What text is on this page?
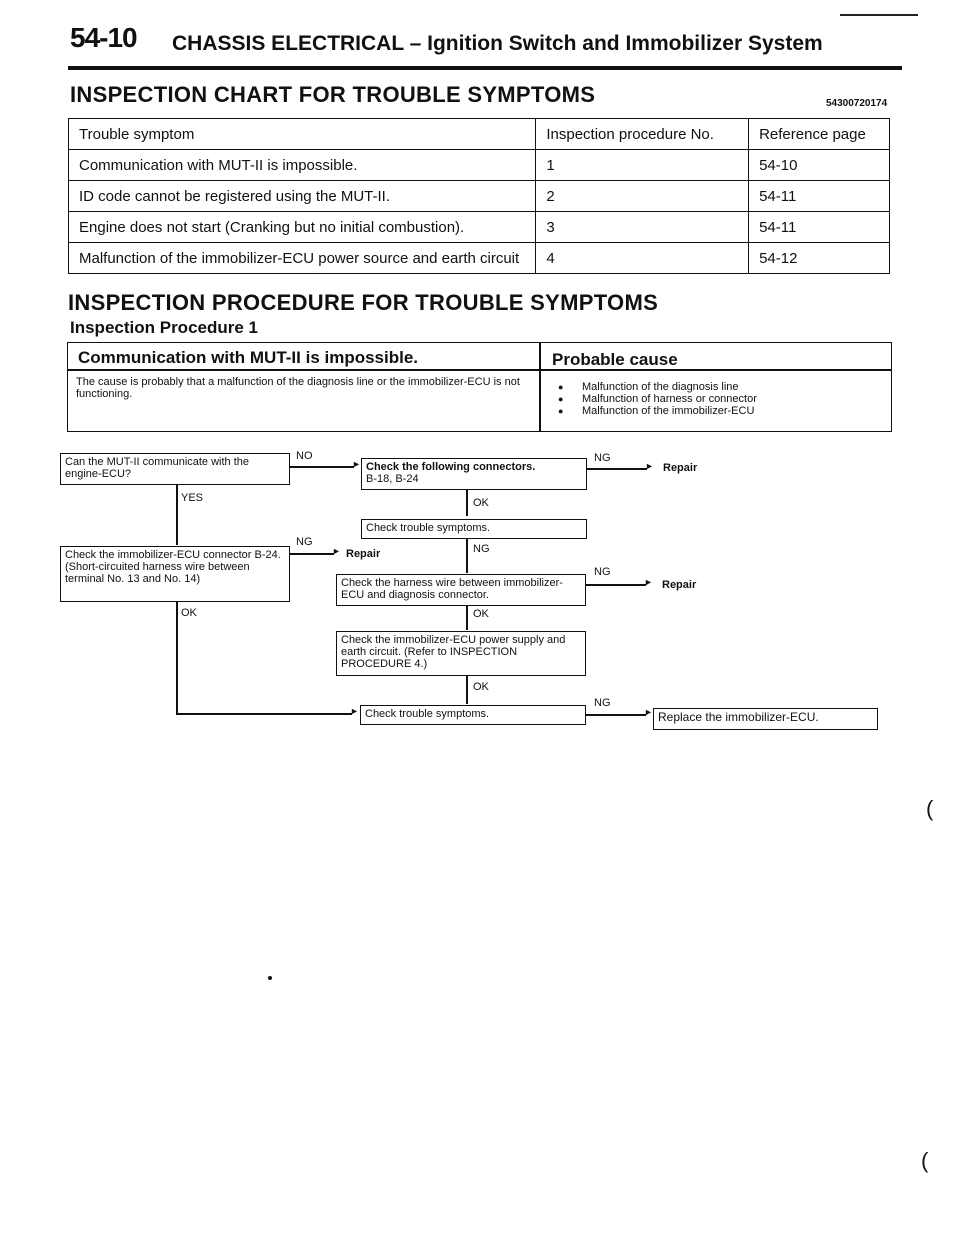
54-10 CHASSIS ELECTRICAL – Ignition Switch and Immobilizer System
INSPECTION CHART FOR TROUBLE SYMPTOMS	54300720174
Trouble symptom	Inspection procedure No.	Reference page
Communication with MUT-II is impossible.	1	54-10
ID code cannot be registered using the MUT-II.	2	54-11
Engine does not start (Cranking but no initial combustion).	3	54-11
Malfunction of the immobilizer-ECU power source and earth circuit	4	54-12
INSPECTION PROCEDURE FOR TROUBLE SYMPTOMS
Inspection Procedure 1
Communication with MUT-II is impossible.	Probable cause
The cause is probably that a malfunction of the diagnosis line or the immobilizer-ECU is not functioning.
● Malfunction of the diagnosis line
● Malfunction of harness or connector
● Malfunction of the immobilizer-ECU
Can the MUT-II communicate with the engine-ECU?
NO
► Check the following connectors.
B-18, B-24
NG
► Repair
OK
Check trouble symptoms.
NG
YES
Check the immobilizer-ECU connector B-24.
(Short-circuited harness wire between terminal No. 13 and No. 14)
NG
► Repair
Check the harness wire between immobilizer-ECU and diagnosis connector.
NG
► Repair
OK
Check the immobilizer-ECU power supply and earth circuit. (Refer to INSPECTION PROCEDURE 4.)
OK
OK
► Check trouble symptoms.
NG
► Replace the immobilizer-ECU.
(
(
